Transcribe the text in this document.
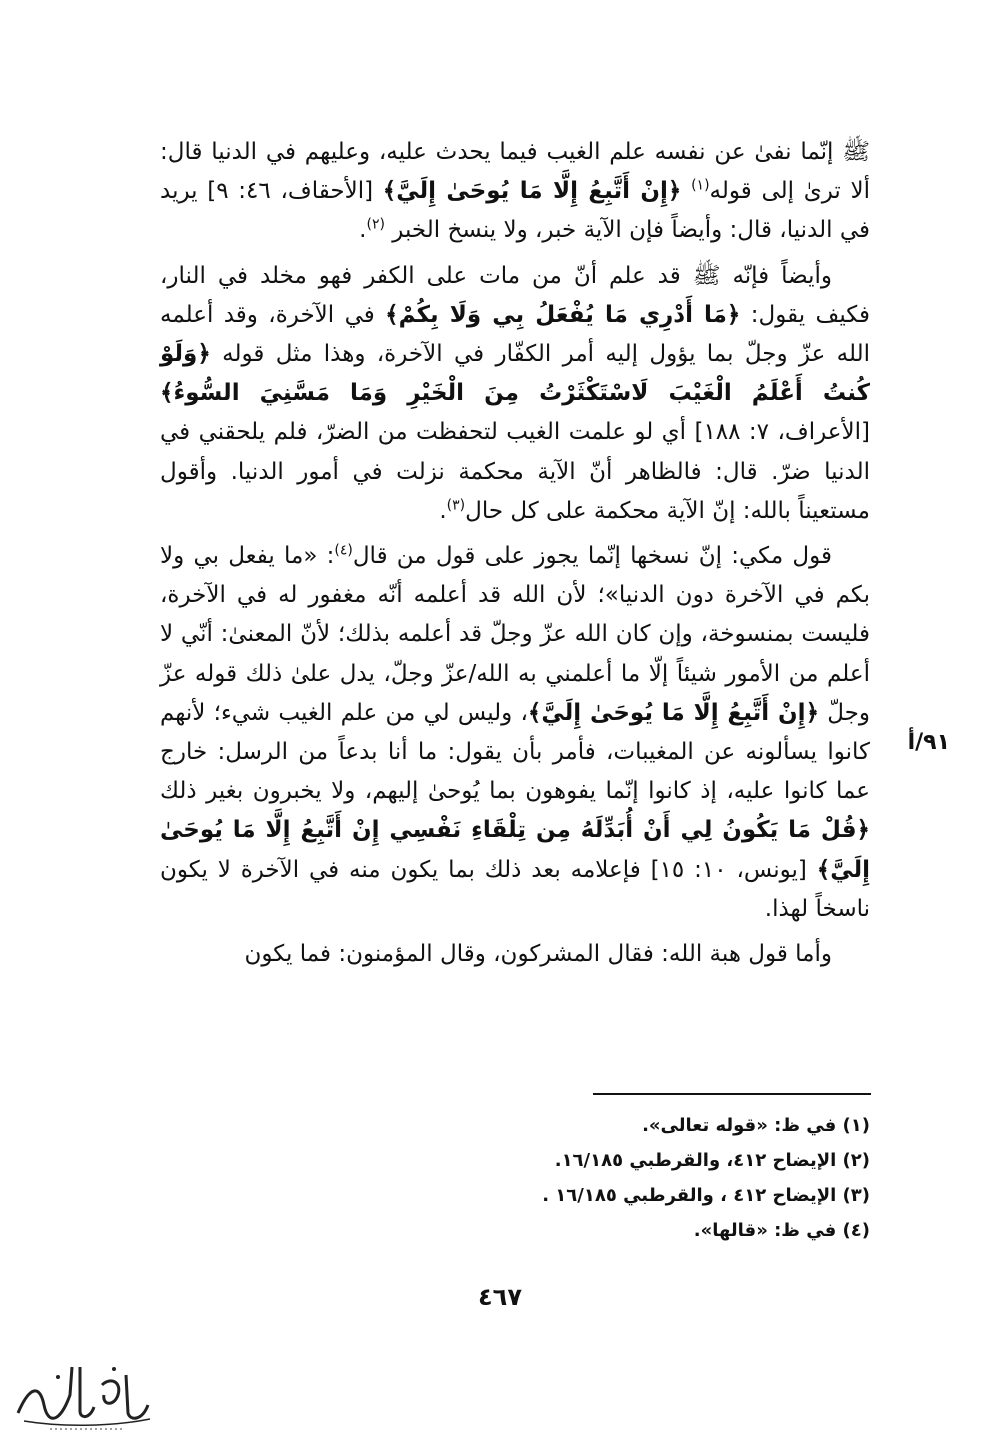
ﷺ إنّما نفىٰ عن نفسه علم الغيب فيما يحدث عليه، وعليهم في الدنيا قال: ألا ترىٰ إلى قوله$^{(١)}$ ﴿إِنْ أَتَّبِعُ إِلَّا مَا يُوحَىٰ إِلَيَّ﴾ [الأحقاف، ٤٦: ٩] يريد في الدنيا، قال: وأيضاً فإن الآية خبر، ولا ينسخ الخبر $^{(٢)}$.

وأيضاً فإنّه ﷺ قد علم أنّ من مات على الكفر فهو مخلد في النار، فكيف يقول: ﴿مَا أَدْرِي مَا يُفْعَلُ بِي وَلَا بِكُمْ﴾ في الآخرة، وقد أعلمه الله عزّ وجلّ بما يؤول إليه أمر الكفّار في الآخرة، وهذا مثل قوله ﴿وَلَوْ كُنتُ أَعْلَمُ الْغَيْبَ لَاسْتَكْثَرْتُ مِنَ الْخَيْرِ وَمَا مَسَّنِيَ السُّوءُ﴾ [الأعراف، ٧: ١٨٨] أي لو علمت الغيب لتحفظت من الضرّ، فلم يلحقني في الدنيا ضرّ. قال: فالظاهر أنّ الآية محكمة نزلت في أمور الدنيا. وأقول مستعيناً بالله: إنّ الآية محكمة على كل حال$^{(٣)}$.

قول مكي: إنّ نسخها إنّما يجوز على قول من قال$^{(٤)}$: «ما يفعل بي ولا بكم في الآخرة دون الدنيا»؛ لأن الله قد أعلمه أنّه مغفور له في الآخرة، فليست بمنسوخة، وإن كان الله عزّ وجلّ قد أعلمه بذلك؛ لأنّ المعنىٰ: أنّي لا أعلم من الأمور شيئاً إلّا ما أعلمني به الله/عزّ وجلّ، يدل علىٰ ذلك قوله عزّ وجلّ ﴿إِنْ أَتَّبِعُ إِلَّا مَا يُوحَىٰ إِلَيَّ﴾، وليس لي من علم الغيب شيء؛ لأنهم كانوا يسألونه عن المغيبات، فأمر بأن يقول: ما أنا بدعاً من الرسل: خارج عما كانوا عليه، إذ كانوا إنّما يفوهون بما يُوحىٰ إليهم، ولا يخبرون بغير ذلك ﴿قُلْ مَا يَكُونُ لِي أَنْ أُبَدِّلَهُ مِن تِلْقَاءِ نَفْسِي إِنْ أَتَّبِعُ إِلَّا مَا يُوحَىٰ إِلَيَّ﴾ [يونس، ١٠: ١٥] فإعلامه بعد ذلك بما يكون منه في الآخرة لا يكون ناسخاً لهذا.

وأما قول هبة الله: فقال المشركون، وقال المؤمنون: فما يكون

٩١/أ

(١) في ظ: «قوله تعالى».

(٢) الإيضاح ٤١٢، والقرطبي ١٦/١٨٥.

(٣) الإيضاح ٤١٢ ، والقرطبي ١٦/١٨٥ .

(٤) في ظ: «قالها».

٤٦٧
